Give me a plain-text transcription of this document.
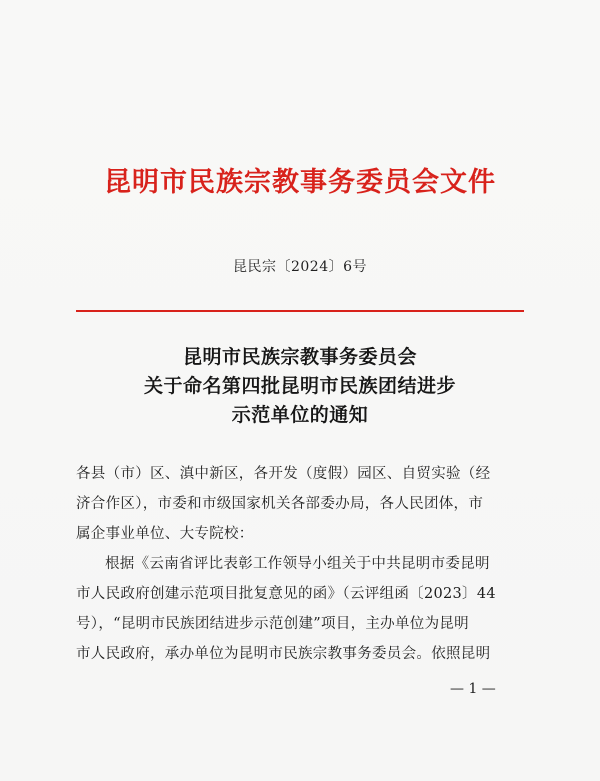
昆明市民族宗教事务委员会文件
昆民宗〔2024〕6号
昆明市民族宗教事务委员会
关于命名第四批昆明市民族团结进步
示范单位的通知
各县（市）区、滇中新区，各开发（度假）园区、自贸实验（经
济合作区），市委和市级国家机关各部委办局，各人民团体，市
属企事业单位、大专院校：
根据《云南省评比表彰工作领导小组关于中共昆明市委昆明
市人民政府创建示范项目批复意见的函》（云评组函〔2023〕44
号），“昆明市民族团结进步示范创建”项目，主办单位为昆明
市人民政府，承办单位为昆明市民族宗教事务委员会。依照昆明
— 1 —
